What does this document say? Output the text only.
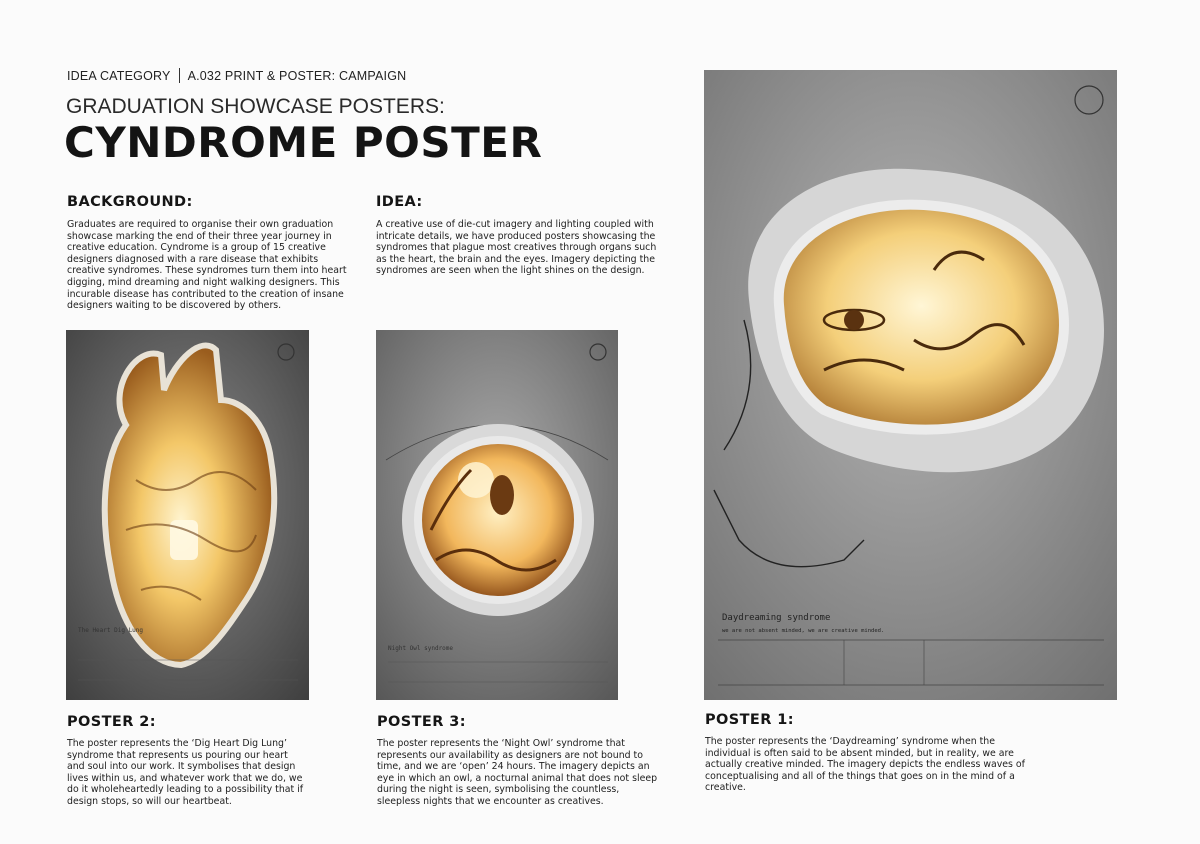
IDEA CATEGORY A.032 PRINT & POSTER: CAMPAIGN
GRADUATION SHOWCASE POSTERS:
CYNDROME POSTER
BACKGROUND:
Graduates are required to organise their own graduation showcase marking the end of their three year journey in creative education. Cyndrome is a group of 15 creative designers diagnosed with a rare disease that exhibits creative syndromes. These syndromes turn them into heart digging, mind dreaming and night walking designers. This incurable disease has contributed to the creation of insane designers waiting to be discovered by others.
IDEA:
A creative use of die-cut imagery and lighting coupled with intricate details, we have produced posters showcasing the syndromes that plague most creatives through organs such as the heart, the brain and the eyes. Imagery depicting the syndromes are seen when the light shines on the design.
The Heart Dig Lung
POSTER 2:
The poster represents the ‘Dig Heart Dig Lung’ syndrome that represents us pouring our heart and soul into our work. It symbolises that design lives within us, and whatever work that we do, we do it wholeheartedly leading to a possibility that if design stops, so will our heartbeat.
Night Owl syndrome
POSTER 3:
The poster represents the ‘Night Owl’ syndrome that represents our availability as designers are not bound to time, and we are ‘open’ 24 hours. The imagery depicts an eye in which an owl, a nocturnal animal that does not sleep during the night is seen, symbolising the countless, sleepless nights that we encounter as creatives.
Daydreaming syndrome
we are not absent minded, we are creative minded.
POSTER 1:
The poster represents the ‘Daydreaming’ syndrome when the individual is often said to be absent minded, but in reality, we are actually creative minded. The imagery depicts the endless waves of conceptualising and all of the things that goes on in the mind of a creative.
